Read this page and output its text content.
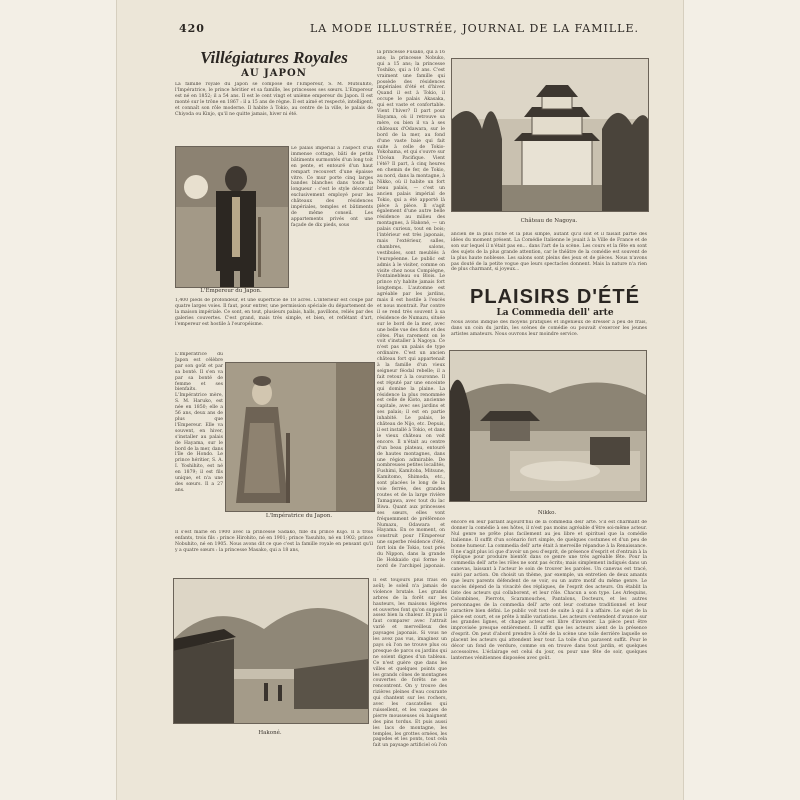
420	LA MODE ILLUSTRÉE, JOURNAL DE LA FAMILLE.
Villégiatures Royales
AU JAPON

La famille royale du Japon se compose de l'Empereur, S. M. Mutsuhito, l'Impératrice, le prince héritier et sa famille, les princesses ses sœurs. L'Empereur est né en 1852; il a 54 ans. Il est le cent vingt et unième empereur du Japon. Il est monté sur le trône en 1867 : il a 15 ans de règne. Il est aimé et respecté, intelligent, et connaît son rôle moderne. Il habite à Tokio, au centre de la ville, le palais de Chiyoda ou Kinjo, qu'il ne quitte jamais, hiver ni été.

L'Empereur du Japon.

Le palais impérial à l'aspect d'un immense cottage, bâti de petits bâtiments surmontés d'un long toit en pente, et entouré d'un haut rempart recouvert d'une épaisse vitre. Ce mur porte cinq larges bandes blanches dans toute la longueur : c'est le style décoratif exclusivement employé pour les châteaux des résidences impériales, temples et bâtiments de même conseil. Les appartements privés ont une façade de dix pieds, sous

1,400 pieds de profondeur, et une superficie de 18 acres. L'intérieur est coupé par quatre larges voies. Il faut, pour entrer, une permission spéciale du département de la maison impériale. Ce sont, en tout, plusieurs palais, halls, pavillons, reliés par des galeries couvertes. C'est grand, mais très simple, et bien, et reflétant d'art, l'empereur est hostile à l'européisme.

L'Impératrice du Japon est célèbre par son goût et par sa bonté. Il s'en va par sa bonté de femme et ses bienfaits. L'Impératrice mère, S. M. Haruko, est née en 1850; elle a 56 ans, deux ans de plus que l'Empereur. Elle va souvent, en hiver, s'installer au palais de Hayama, sur le bord de la mer, dans l'île de Hondo. Le prince héritier, S. A. I. Yoshihito, est né en 1879; il est fils unique, et n'a une des sœurs. Il a 27 ans.

L'Impératrice du Japon.

Il s'est marié en 1900 avec la princesse Sadako, fille du prince Kujo. Il a trois enfants, trois fils : prince Hirohito, né en 1901; prince Yasuhito, né en 1902; prince Nobuhito, né en 1905. Nous avons dit ce que c'est la famille royale en pensant qu'il y a quatre sœurs : la princesse Masako, qui a 18 ans,

la princesse Fusako, qui a 16 ans; la princesse Nobuko, qui a 15 ans; la princesse Toshiko, qui a 10 ans. C'est vraiment une famille qui possède des résidences impériales d'été et d'hiver. Quand il est à Tokio, il occupe le palais Akasaka, qui est vaste et confortable. Vient l'hiver? Il part pour Hayama, où il retrouve sa mère, ou bien il va à ses châteaux d'Odawara, sur le bord de la mer, au fond d'une vaste baie qui fait suite à celle de Tokio-Yokohama, et qui s'ouvre sur l'Océan Pacifique. Vient l'été? Il part, à cinq heures en chemin de fer, de Tokio, au nord, dans la montagne, à Nikko, où il habite un fort beau palais, — c'est un ancien palais impérial de Tokio, qui a été apporté là pièce à pièce. Il s'agit également d'une autre belle résidence au milieu des montagnes, à Hakoné, — un palais curieux, tout en bois; l'intérieur est très japonais, mais l'extérieur, salles, chambres, salons, vestibules, sont meublés à l'européenne. Le public est admis à le visiter, comme on visite chez nous Compiègne, Fontainebleau ou Blois. Le prince n'y habite jamais fort longtemps. L'automne est agréable par les jardins, mais il est hostile à l'excès et nous montrait. Par contre il se rend très souvent à sa résidence de Numazu, située sur le bord de la mer, avec une belle vue des flots et des côtes. Plus rarement on le voit s'installer à Nagoya. Ce n'est pas un palais de type ordinaire. C'est un ancien château fort qui appartenait à la famille d'un vieux seigneur féodal rebelle; il a fait retour à la couronne. Il est réputé par une enceinte qui domine la plaine. La résidence la plus renommée est celle de Kioto, ancienne capitale, avec ses jardins et ses palais; il est en partie inhabité. Le palais, le château de Nijo, etc. Depuis, il est installé à Tokio, et dans le vieux château on voit encore. Il n'était au centre d'un beau plateau, entouré de hautes montagnes, dans une région admirable. De nombreuses petites localités, Fushimi, Kamitoba, Mitsune, Kamitomo, Shimoda, etc., sont placées le long de la voie ferrée, des grandes routes et de la large rivière Tamagawa, avec tout du lac Biwa. Quant aux princesses ses sœurs, elles vont fréquemment de préférence Numazu, Odawara et Hayama. En ce moment, on construit pour l'Empereur une superbe résidence d'été, fort loin de Tokio, tout près du Nippon, dans la grande île Hokkaido qui forme le nord de l'archipel japonais.

Château de Nagoya.

ancien de la plus riche et la plus simple, autant qu'il soit et il faisait partie des idées du moment présent. La Comédie Italienne le jouait à la Ville de France et de son sur lequel il n'était pas en... dans l'art de la scène. Les cours et la fête en sont des sujets de la plus grande attention, car le théâtre de la comédie est souvent de la plus haute noblesse. Les salons sont pleins des jeux et de pièces. Nous n'avons pas douté de la petite vogue que leurs spectacles donnent. Mais la nature n'a rien de plus charmant, si joyeux...

PLAISIRS D'ÉTÉ
La Commedia dell' arte

Nous avons indiqué des moyens pratiques et ingénieux de dresser à peu de frais, dans un coin du jardin, les scènes de comédie ou pouvait s'exercer les jeunes artistes amateurs. Nous ouvrons leur moindre service.

Nikko.

encore en leur parlant aujourd'hui de la commedia dell' arte. S'il est charmant de donner la comédie à ses hôtes, il n'est pas moins agréable d'être soi-même acteur. Nul genre ne prête plus facilement au jeu libre et spirituel que la comédie italienne. Il suffit d'un scénario fort simple, de quelques costumes et d'un peu de bonne humeur. La commedia dell' arte était à merveille répandue à la Renaissance. Il ne s'agit plus ici que d'avoir un peu d'esprit, de présence d'esprit et d'entrain à la réplique pour produire bientôt dans ce genre une très agréable fête. Pour la commedia dell' arte les rôles ne sont pas écrits; mais simplement indiqués dans un canevas, laissant à l'acteur le soin de trouver les paroles. Un canevas est tracé, suivi par action. On choisit un thème, par exemple, un entretien de deux amants que leurs parents défendent de se voir, ou un autre motif du même genre. Le succès dépend de la vivacité des répliques, de l'esprit des acteurs. On établit la liste des acteurs qui collaborent, et leur rôle. Chacun a son type. Les Arlequins, Colombines, Pierrots, Scaramouches, Pantalons, Docteurs, et les autres personnages de la commedia dell' arte ont leur costume traditionnel et leur caractère bien défini. Le public voit tout de suite à qui il a affaire. Le sujet de la pièce est court, et se prête à mille variations. Les acteurs s'entendent d'avance sur les grandes lignes, et chaque acteur est libre d'inventer. La pièce peut être improvisée presque entièrement. Il suffit que les acteurs aient de la présence d'esprit. On peut d'abord prendre à côté de la scène une toile derrière laquelle se placent les acteurs qui attendent leur tour. La toile d'un paravent suffit. Pour le décor un fond de verdure, comme on en trouve dans tout jardin, et quelques accessoires. L'éclairage est celui du jour, ou pour une fête de soir, quelques lanternes vénitiennes disposées avec goût.

Hakoné.

Il est toujours plus frais en août; le soleil n'a jamais de violence brutale. Les grands arbres de la forêt sur les hauteurs, les maisons légères et ouvertes font qu'on supporte assez bien la chaleur. Et puis il faut comparer avec l'attrait varié et merveilleux des paysages japonais. Si vous ne les avez pas vus, imaginez un pays où l'on ne trouve plus ou presque de parcs ou jardins qui ne soient dignes d'un tableau. Ce n'est guère que dans les villes et quelques points que les grands cônes de montagnes couvertes de forêts ne se rencontrent. On y trouve des rizières pleines d'eau courante qui chantent sur les rochers, avec les cascatelles qui ruissellent, et les vasques de pierre mousseuses où baignent des pins tordus. Et puis aussi les lacs de montagne, les temples, les grottes ornées, les pagodes et les ponts, tout cela fait un paysage artificiel où l'on
